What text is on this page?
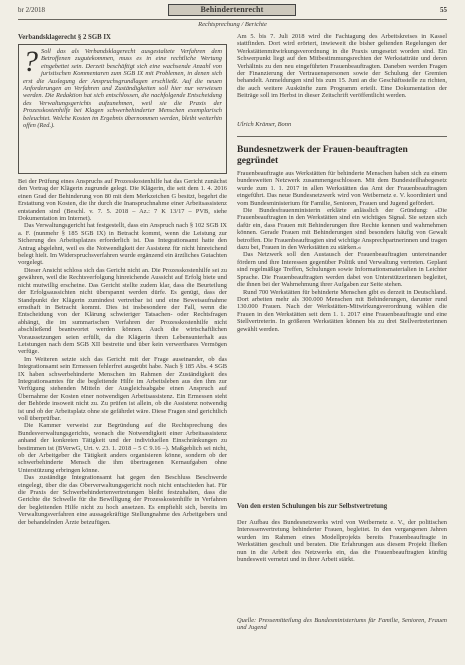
br 2/2018	Behindertenrecht	55
Rechtsprechung / Berichte
Verbandsklagerecht § 2 SGB IX
? Soll das als Verbandsklagerecht ausgestaltete Verfahren dem Betroffenen zugutekommen, muss es in eine rechtliche Wertung eingebettet sein. Derzeit beschäftigt sich eine wachsende Anzahl von juristischen Kommentaren zum SGB IX mit Problemen, in denen sich erst die Auslegung der Anspruchsgrundlagen erschließt. Auf die neuen Anforderungen an Verfahren und Zuständigkeiten soll hier nur verwiesen werden. Die Redaktion hat sich entschlossen, die nachfolgende Entscheidung des Verwaltungsgerichts aufzunehmen, weil sie die Praxis der Prozesskostenhilfe bei Klagen schwerbehinderter Menschen exemplarisch beleuchtet. Welche Kosten im Ergebnis übernommen werden, bleibt weiterhin offen (Red.).

Bei der Prüfung eines Anspruchs auf Prozesskostenhilfe hat das Gericht zunächst den Vortrag der Klägerin zugrunde gelegt. Die Klägerin, die seit dem 1. 4. 2016 einen Grad der Behinderung von 80 mit dem Merkzeichen G besitzt, begehrt die Erstattung von Kosten, die ihr durch die Inanspruchnahme einer Arbeitsassistenz entstanden sind (Beschl. v. 7. 5. 2018 – Az.: 7 K 13/17 – PVB, siehe Dokumentation im Internet).

Das Verwaltungsgericht hat festgestellt, dass ein Anspruch nach § 102 SGB IX a. F. (nunmehr § 185 SGB IX) in Betracht kommt, wenn die Leistung zur Sicherung des Arbeitsplatzes erforderlich ist. Das Integrationsamt hatte den Antrag abgelehnt, weil es die Notwendigkeit der Assistenz für nicht hinreichend belegt hielt. Im Widerspruchsverfahren wurde ergänzend ein ärztliches Gutachten vorgelegt.

Dieser Ansicht schloss sich das Gericht nicht an. Die Prozesskostenhilfe sei zu gewähren, weil die Rechtsverfolgung hinreichende Aussicht auf Erfolg biete und nicht mutwillig erscheine. Das Gericht stellte zudem klar, dass die Beurteilung der Erfolgsaussichten nicht überspannt werden dürfe. Es genügt, dass der Standpunkt der Klägerin zumindest vertretbar ist und eine Beweisaufnahme ernsthaft in Betracht kommt. Dies ist insbesondere der Fall, wenn die Entscheidung von der Klärung schwieriger Tatsachen- oder Rechtsfragen abhängt, die im summarischen Verfahren der Prozesskostenhilfe nicht abschließend beantwortet werden können. Auch die wirtschaftlichen Voraussetzungen seien erfüllt, da die Klägerin ihren Lebensunterhalt aus Leistungen nach dem SGB XII bestreite und über kein verwertbares Vermögen verfüge.

Im Weiteren setzte sich das Gericht mit der Frage auseinander, ob das Integrationsamt sein Ermessen fehlerfrei ausgeübt habe. Nach § 185 Abs. 4 SGB IX haben schwerbehinderte Menschen im Rahmen der Zuständigkeit des Integrationsamtes für die begleitende Hilfe im Arbeitsleben aus den ihm zur Verfügung stehenden Mitteln der Ausgleichsabgabe einen Anspruch auf Übernahme der Kosten einer notwendigen Arbeitsassistenz. Ein Ermessen steht der Behörde insoweit nicht zu. Zu prüfen ist allein, ob die Assistenz notwendig ist und ob der Arbeitsplatz ohne sie gefährdet wäre. Diese Fragen sind gerichtlich voll überprüfbar.

Die Kammer verweist zur Begründung auf die Rechtsprechung des Bundesverwaltungsgerichts, wonach die Notwendigkeit einer Arbeitsassistenz anhand der konkreten Tätigkeit und der individuellen Einschränkungen zu bestimmen ist (BVerwG, Urt. v. 23. 1. 2018 – 5 C 9.16 –). Maßgeblich sei nicht, ob der Arbeitgeber die Tätigkeit anders organisieren könne, sondern ob der schwerbehinderte Mensch die ihm übertragenen Kernaufgaben ohne Unterstützung erbringen könne.

Das zuständige Integrationsamt hat gegen den Beschluss Beschwerde eingelegt, über die das Oberverwaltungsgericht noch nicht entschieden hat. Für die Praxis der Schwerbehindertenvertretungen bleibt festzuhalten, dass die Gerichte die Schwelle für die Bewilligung der Prozesskostenhilfe in Verfahren der begleitenden Hilfe nicht zu hoch ansetzen. Es empfiehlt sich, bereits im Verwaltungsverfahren eine aussagekräftige Stellungnahme des Arbeitgebers und der behandelnden Ärzte beizufügen.

Am 5. bis 7. Juli 2018 wird die Fachtagung des Arbeitskreises in Kassel stattfinden. Dort wird erörtert, inwieweit die bisher geltenden Regelungen der Werkstättenmitwirkungsverordnung in die Praxis umgesetzt worden sind. Ein Schwerpunkt liegt auf den Mitbestimmungsrechten der Werkstatträte und deren Verhältnis zu den neu eingeführten Frauenbeauftragten. Daneben werden Fragen der Finanzierung der Vertrauenspersonen sowie der Schulung der Gremien behandelt. Anmeldungen sind bis zum 15. Juni an die Geschäftsstelle zu richten, die auch weitere Auskünfte zum Programm erteilt. Eine Dokumentation der Beiträge soll im Herbst in dieser Zeitschrift veröffentlicht werden.

Ulrich Krämer, Bonn
Bundesnetzwerk der Frauen-beauftragten gegründet

Frauenbeauftragte aus Werkstätten für behinderte Menschen haben sich zu einem bundesweiten Netzwerk zusammengeschlossen. Mit dem Bundesteilhabegesetz wurde zum 1. 1. 2017 in allen Werkstätten das Amt der Frauenbeauftragten eingeführt. Das neue Bundesnetzwerk wird von Weibernetz e. V. koordiniert und vom Bundesministerium für Familie, Senioren, Frauen und Jugend gefördert.

Die Bundesfrauenministerin erklärte anlässlich der Gründung: »Die Frauenbeauftragten in den Werkstätten sind ein wichtiges Signal. Sie setzen sich dafür ein, dass Frauen mit Behinderungen ihre Rechte kennen und wahrnehmen können. Gerade Frauen mit Behinderungen sind besonders häufig von Gewalt betroffen. Die Frauenbeauftragten sind wichtige Ansprechpartnerinnen und tragen dazu bei, Frauen in den Werkstätten zu stärken.«

Das Netzwerk soll den Austausch der Frauenbeauftragten untereinander fördern und ihre Interessen gegenüber Politik und Verwaltung vertreten. Geplant sind regelmäßige Treffen, Schulungen sowie Informationsmaterialien in Leichter Sprache. Die Frauenbeauftragten werden dabei von Unterstützerinnen begleitet, die ihnen bei der Wahrnehmung ihrer Aufgaben zur Seite stehen.

Rund 700 Werkstätten für behinderte Menschen gibt es derzeit in Deutschland. Dort arbeiten mehr als 300.000 Menschen mit Behinderungen, darunter rund 130.000 Frauen. Nach der Werkstätten-Mitwirkungsverordnung wählen die Frauen in den Werkstätten seit dem 1. 1. 2017 eine Frauenbeauftragte und eine Stellvertreterin. In größeren Werkstätten können bis zu drei Stellvertreterinnen gewählt werden.

Von den ersten Schulungen bis zur Selbstvertretung

Der Aufbau des Bundesnetzwerks wird von Weibernetz e. V., der politischen Interessenvertretung behinderter Frauen, begleitet. In den vergangenen Jahren wurden im Rahmen eines Modellprojekts bereits Frauenbeauftragte in Werkstätten geschult und beraten. Die Erfahrungen aus diesem Projekt fließen nun in die Arbeit des Netzwerks ein, das die Frauenbeauftragten künftig bundesweit vernetzt und in ihrer Arbeit stärkt.

Quelle: Pressemitteilung des Bundesministeriums für Familie, Senioren, Frauen und Jugend
